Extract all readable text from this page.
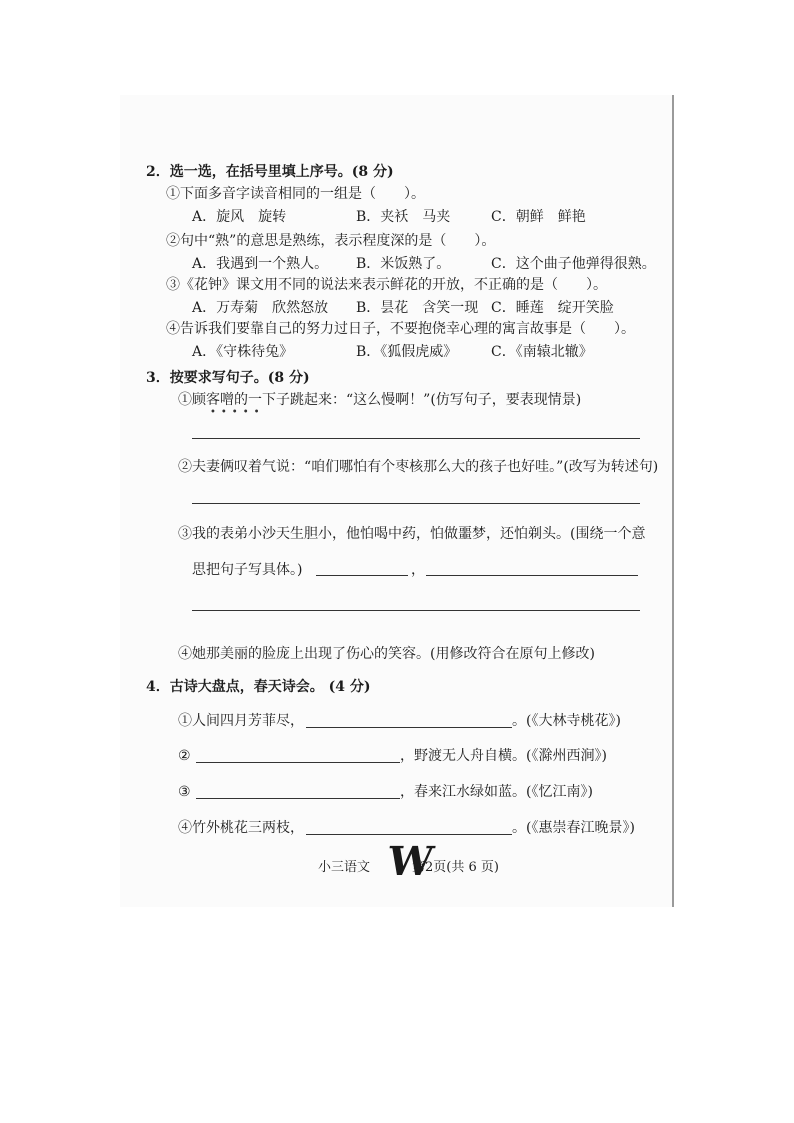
2．选一选，在括号里填上序号。(8 分)
①下面多音字读音相同的一组是（　　）。
A．旋风　旋转	B．夹袄　马夹	C．朝鲜　鲜艳
②句中“熟”的意思是熟练，表示程度深的是（　　）。
A．我遇到一个熟人。 B．米饭熟了。	C．这个曲子他弹得很熟。
③《花钟》课文用不同的说法来表示鲜花的开放，不正确的是（　　）。
A．万寿菊　欣然怒放 B．昙花　含笑一现 C．睡莲　绽开笑脸
④告诉我们要靠自己的努力过日子，不要抱侥幸心理的寓言故事是（　　）。
A．《守株待兔》	B．《狐假虎威》 C．《南辕北辙》
3．按要求写句子。(8 分)
①顾客噌的一下子跳起来：“这么慢啊！”(仿写句子，要表现情景)
•••••
②夫妻俩叹着气说：“咱们哪怕有个枣核那么大的孩子也好哇。”(改写为转述句)
③我的表弟小沙天生胆小，他怕喝中药，怕做噩梦，还怕剃头。(围绕一个意
思把句子写具体。)	，
④她那美丽的脸庞上出现了伤心的笑容。(用修改符合在原句上修改)
4．古诗大盘点，春天诗会。 (4 分)
①人间四月芳菲尽，	。(《大林寺桃花》)
②	，野渡无人舟自横。(《滁州西涧》)
③	，春来江水绿如蓝。(《忆江南》)
④竹外桃花三两枝，	。(《惠崇春江晚景》)
小三语文 W
第2页(共 6 页)
